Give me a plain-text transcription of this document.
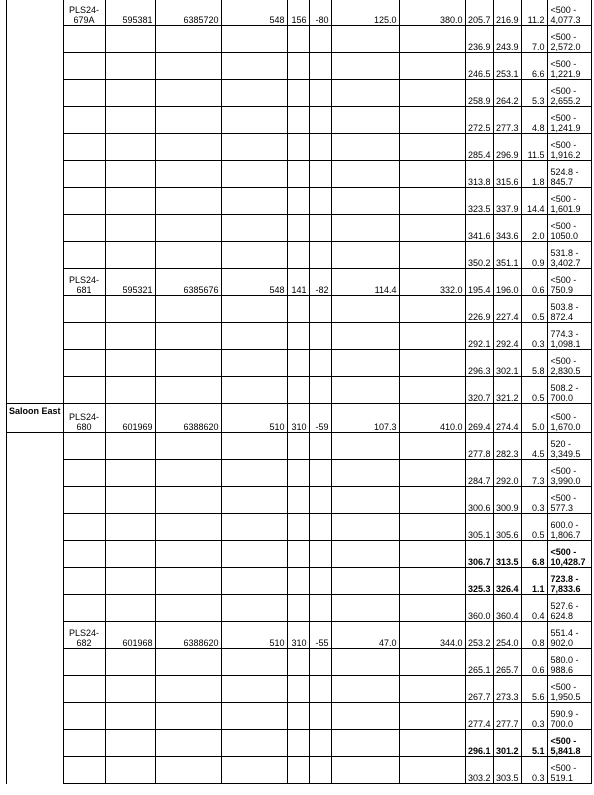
	PLS24-679A	595381	6385720	548	156	-80	125.0	380.0	205.7	216.9	11.2	<500 - 4,077.3
									236.9	243.9	7.0	<500 - 2,572.0
									246.5	253.1	6.6	<500 - 1,221.9
									258.9	264.2	5.3	<500 - 2,655.2
									272.5	277.3	4.8	<500 - 1,241.9
									285.4	296.9	11.5	<500 - 1,916.2
									313.8	315.6	1.8	524.8 - 845.7
									323.5	337.9	14.4	<500 - 1,601.9
									341.6	343.6	2.0	<500 - 1050.0
									350.2	351.1	0.9	531.8 - 3,402.7
	PLS24-681	595321	6385676	548	141	-82	114.4	332.0	195.4	196.0	0.6	<500 - 750.9
									226.9	227.4	0.5	503.8 - 872.4
									292.1	292.4	0.3	774.3 - 1,098.1
									296.3	302.1	5.8	<500 - 2,830.5
									320.7	321.2	0.5	508.2 - 700.0
Saloon East	PLS24-680	601969	6388620	510	310	-59	107.3	410.0	269.4	274.4	5.0	<500 - 1,670.0
									277.8	282.3	4.5	520 - 3,349.5
									284.7	292.0	7.3	<500 - 3,990.0
									300.6	300.9	0.3	<500 - 577.3
									305.1	305.6	0.5	600.0 - 1,806.7
									306.7	313.5	6.8	<500 - 10,428.7
									325.3	326.4	1.1	723.8 - 7,833.6
									360.0	360.4	0.4	527.6 - 624.8
	PLS24-682	601968	6388620	510	310	-55	47.0	344.0	253.2	254.0	0.8	551.4 - 902.0
									265.1	265.7	0.6	580.0 - 988.6
									267.7	273.3	5.6	<500 - 1,950.5
									277.4	277.7	0.3	590.9 - 700.0
									296.1	301.2	5.1	<500 - 5,841.8
									303.2	303.5	0.3	<500 - 519.1
